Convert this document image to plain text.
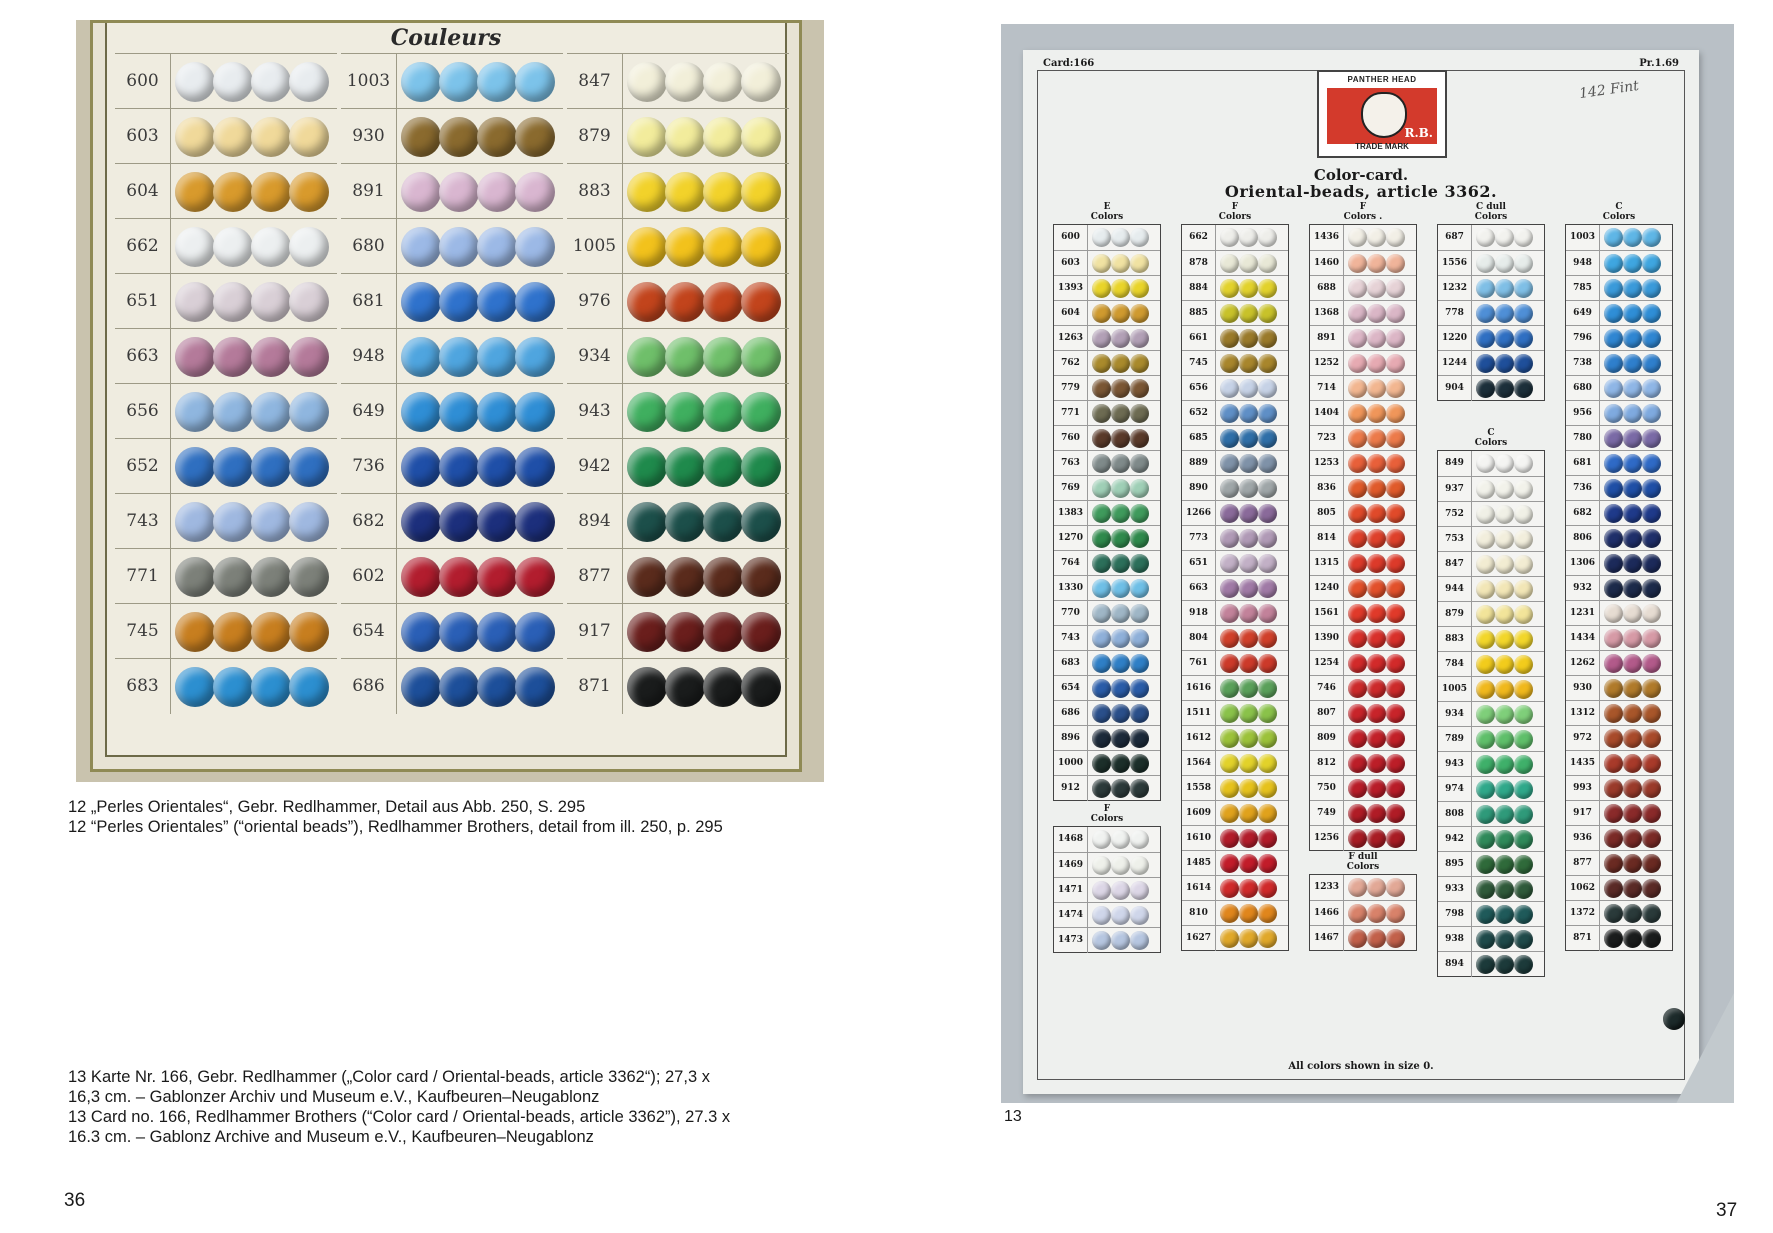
Couleurs
600
603
604
662
651
663
656
652
743
771
745
683
1003
930
891
680
681
948
649
736
682
602
654
686
847
879
883
1005
976
934
943
942
894
877
917
871
12 „Perles Orientales“, Gebr. Redlhammer, Detail aus Abb. 250, S. 295
12 “Perles Orientales” (“oriental beads”), Redlhammer Brothers, detail from ill. 250, p. 295
13 Karte Nr. 166, Gebr. Redlhammer („Color card / Oriental-beads, article 3362“); 27,3 x
16,3 cm. – Gablonzer Archiv und Museum e.V., Kaufbeuren–Neugablonz
13 Card no. 166, Redlhammer Brothers (“Color card / Oriental-beads, article 3362”), 27.3 x
16.3 cm. – Gablonz Archive and Museum e.V., Kaufbeuren–Neugablonz
36
Card:166	Pr.1.69
142 Fint
PANTHER HEAD
R.B.
TRADE MARK
Color-card.
Oriental-beads, article 3362.
E
Colors
600
603
1393
604
1263
762
779
771
760
763
769
1383
1270
764
1330
770
743
683
654
686
896
1000
912
F
Colors
1468
1469
1471
1474
1473
F
Colors
662
878
884
885
661
745
656
652
685
889
890
1266
773
651
663
918
804
761
1616
1511
1612
1564
1558
1609
1610
1485
1614
810
1627
F
Colors .
1436
1460
688
1368
891
1252
714
1404
723
1253
836
805
814
1315
1240
1561
1390
1254
746
807
809
812
750
749
1256
F dull
Colors
1233
1466
1467
C dull
Colors
687
1556
1232
778
1220
1244
904
C
Colors
849
937
752
753
847
944
879
883
784
1005
934
789
943
974
808
942
895
933
798
938
894
C
Colors
1003
948
785
649
796
738
680
956
780
681
736
682
806
1306
932
1231
1434
1262
930
1312
972
1435
993
917
936
877
1062
1372
871
All colors shown in size 0.
13
37
